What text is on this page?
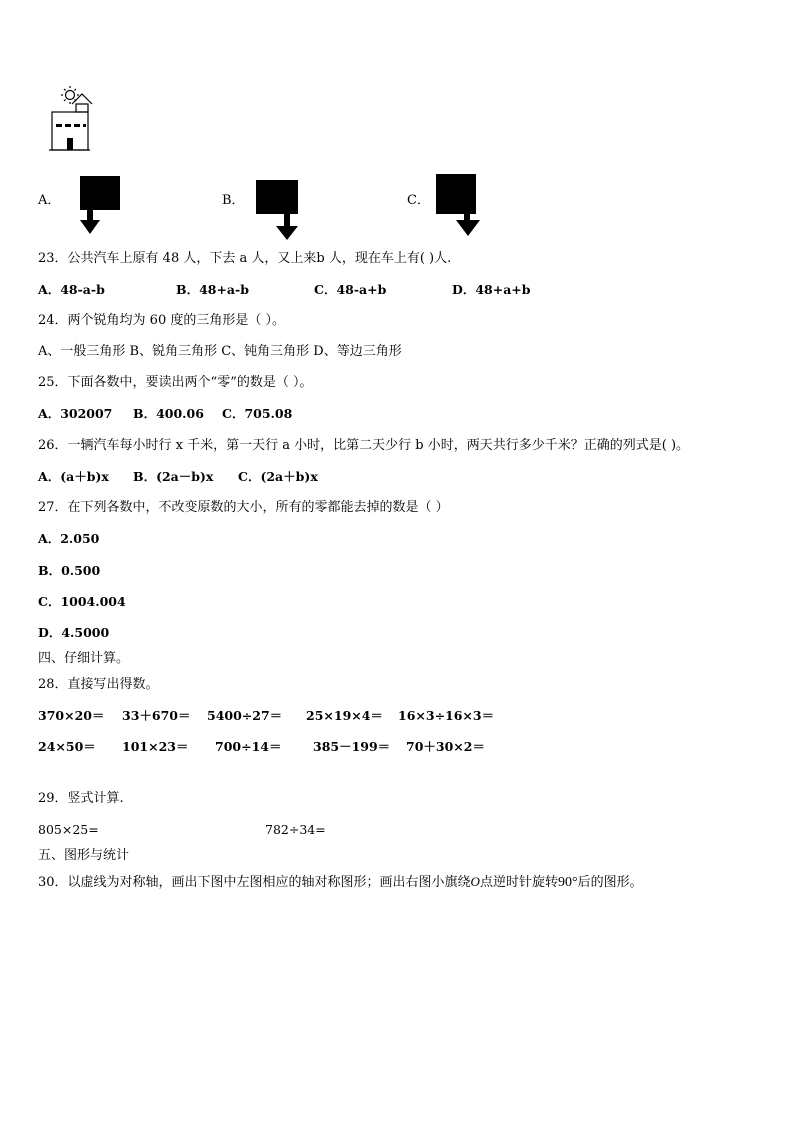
A．	B．	C．
23．公共汽车上原有 48 人，下去 a 人，又上来b 人，现在车上有( )人.
A．48-a-b	B．48+a-b	C．48-a+b	D．48+a+b
24．两个锐角均为 60 度的三角形是（ ）。
A、一般三角形 B、锐角三角形 C、钝角三角形 D、等边三角形
25．下面各数中，要读出两个“零”的数是（ ）。
A．302007 B．400.06 C．705.08
26．一辆汽车每小时行 x 千米，第一天行 a 小时，比第二天少行 b 小时，两天共行多少千米？正确的列式是( )。
A．(a＋b)x B．(2a－b)x C．(2a＋b)x
27．在下列各数中，不改变原数的大小，所有的零都能去掉的数是（ ）
A．2.050
B．0.500
C．1004.004
D．4.5000
四、仔细计算。
28．直接写出得数。
370×20＝ 33＋670＝ 5400÷27＝ 25×19×4＝ 16×3÷16×3＝
24×50＝ 101×23＝ 700÷14＝	385－199＝ 70＋30×2＝
29．竖式计算.
805×25=	782÷34=
五、图形与统计
30．以虚线为对称轴，画出下图中左图相应的轴对称图形；画出右图小旗绕O点逆时针旋转90°后的图形。
